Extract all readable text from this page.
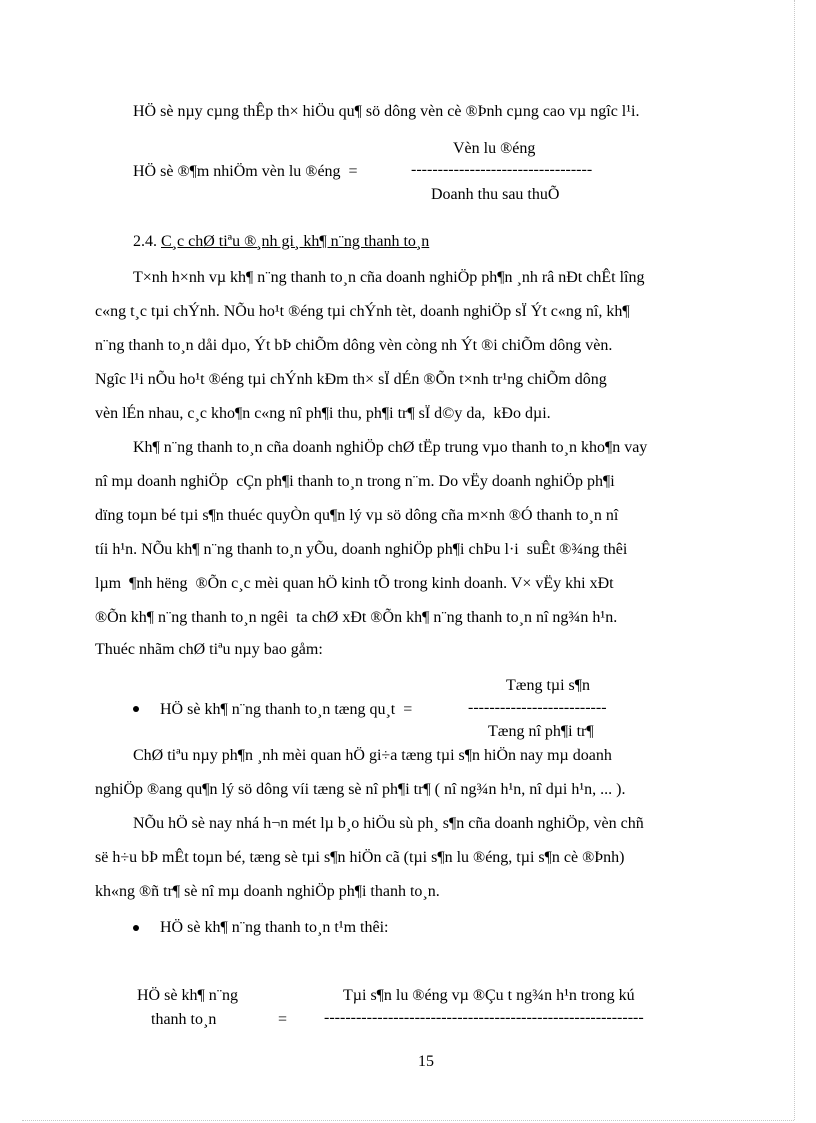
HÖ sè nµy cµng thÊp th× hiÖu qu¶ sö dông vèn cè ®Þnh cµng cao vµ ngîc l¹i.
Vèn lu ®éng
HÖ sè ®¶m nhiÖm vèn lu ®éng  =	----------------------------------
Doanh thu sau thuÕ
2.4. C¸c chØ tiªu ®¸nh gi¸ kh¶ n¨ng thanh to¸n
T×nh h×nh vµ kh¶ n¨ng thanh to¸n cña doanh nghiÖp ph¶n ¸nh râ nÐt chÊt lîng
c«ng t¸c tµi chÝnh. NÕu ho¹t ®éng tµi chÝnh tèt, doanh nghiÖp sÏ Ýt c«ng nî, kh¶
n¨ng thanh to¸n dåi dµo, Ýt bÞ chiÕm dông vèn còng nh Ýt ®i chiÕm dông vèn.
Ngîc l¹i nÕu ho¹t ®éng tµi chÝnh kÐm th× sÏ dÉn ®Õn t×nh tr¹ng chiÕm dông
vèn lÉn nhau, c¸c kho¶n c«ng nî ph¶i thu, ph¶i tr¶ sÏ d©y da,  kÐo dµi.
Kh¶ n¨ng thanh to¸n cña doanh nghiÖp chØ tËp trung vµo thanh to¸n kho¶n vay
nî mµ doanh nghiÖp  cÇn ph¶i thanh to¸n trong n¨m. Do vËy doanh nghiÖp ph¶i
dïng toµn bé tµi s¶n thuéc quyÒn qu¶n lý vµ sö dông cña m×nh ®Ó thanh to¸n nî
tíi h¹n. NÕu kh¶ n¨ng thanh to¸n yÕu, doanh nghiÖp ph¶i chÞu l·i  suÊt ®¾ng thêi
lµm  ¶nh hëng  ®Õn c¸c mèi quan hÖ kinh tÕ trong kinh doanh. V× vËy khi xÐt
®Õn kh¶ n¨ng thanh to¸n ngêi  ta chØ xÐt ®Õn kh¶ n¨ng thanh to¸n nî ng¾n h¹n.
Thuéc nhãm chØ tiªu nµy bao gåm:
Tæng tµi s¶n
HÖ sè kh¶ n¨ng thanh to¸n tæng qu¸t  =	--------------------------
Tæng nî ph¶i tr¶
ChØ tiªu nµy ph¶n ¸nh mèi quan hÖ gi÷a tæng tµi s¶n hiÖn nay mµ doanh
nghiÖp ®ang qu¶n lý sö dông víi tæng sè nî ph¶i tr¶ ( nî ng¾n h¹n, nî dµi h¹n, ... ).
NÕu hÖ sè nay nhá h¬n mét lµ b¸o hiÖu sù ph¸ s¶n cña doanh nghiÖp, vèn chñ
së h÷u bÞ mÊt toµn bé, tæng sè tµi s¶n hiÖn cã (tµi s¶n lu ®éng, tµi s¶n cè ®Þnh)
kh«ng ®ñ tr¶ sè nî mµ doanh nghiÖp ph¶i thanh to¸n.
HÖ sè kh¶ n¨ng thanh to¸n t¹m thêi:
HÖ sè kh¶ n¨ng
thanh to¸n	=
Tµi s¶n lu ®éng vµ ®Çu t ng¾n h¹n trong kú
------------------------------------------------------------
15
